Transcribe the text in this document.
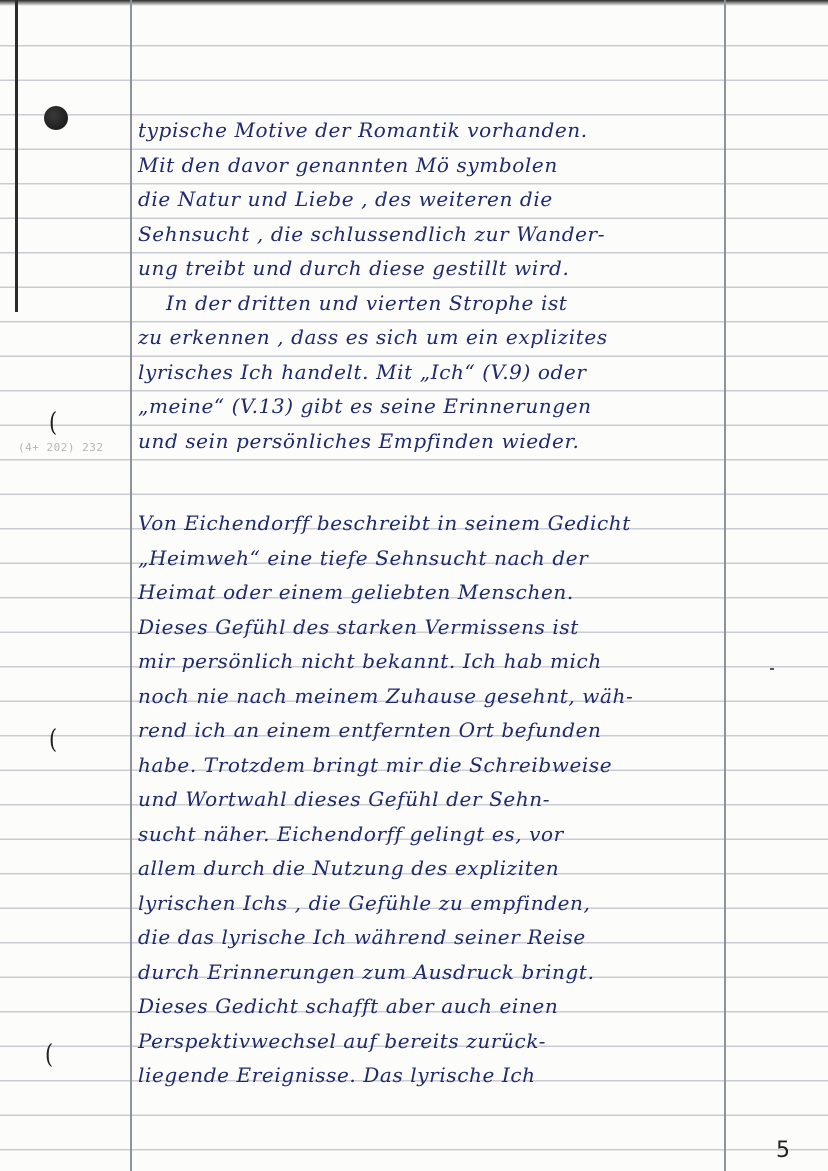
(
(
(
(4+ 202) 232
typische Motive der Romantik vorhanden.
Mit den davor genannten Mö symbolen
die Natur und Liebe , des weiteren die
Sehnsucht , die schlussendlich zur Wander-
ung treibt und durch diese gestillt wird.
In der dritten und vierten Strophe ist
zu erkennen , dass es sich um ein explizites
lyrisches Ich handelt. Mit „Ich“ (V.9) oder
„meine“ (V.13) gibt es seine Erinnerungen
und sein persönliches Empfinden wieder.
Von Eichendorff beschreibt in seinem Gedicht
„Heimweh“ eine tiefe Sehnsucht nach der
Heimat oder einem geliebten Menschen.
Dieses Gefühl des starken Vermissens ist
mir persönlich nicht bekannt. Ich hab mich
noch nie nach meinem Zuhause gesehnt, wäh-
rend ich an einem entfernten Ort befunden
habe. Trotzdem bringt mir die Schreibweise
und Wortwahl dieses Gefühl der Sehn-
sucht näher. Eichendorff gelingt es, vor
allem durch die Nutzung des expliziten
lyrischen Ichs , die Gefühle zu empfinden,
die das lyrische Ich während seiner Reise
durch Erinnerungen zum Ausdruck bringt.
Dieses Gedicht schafft aber auch einen
Perspektivwechsel auf bereits zurück-
liegende Ereignisse. Das lyrische Ich
5
